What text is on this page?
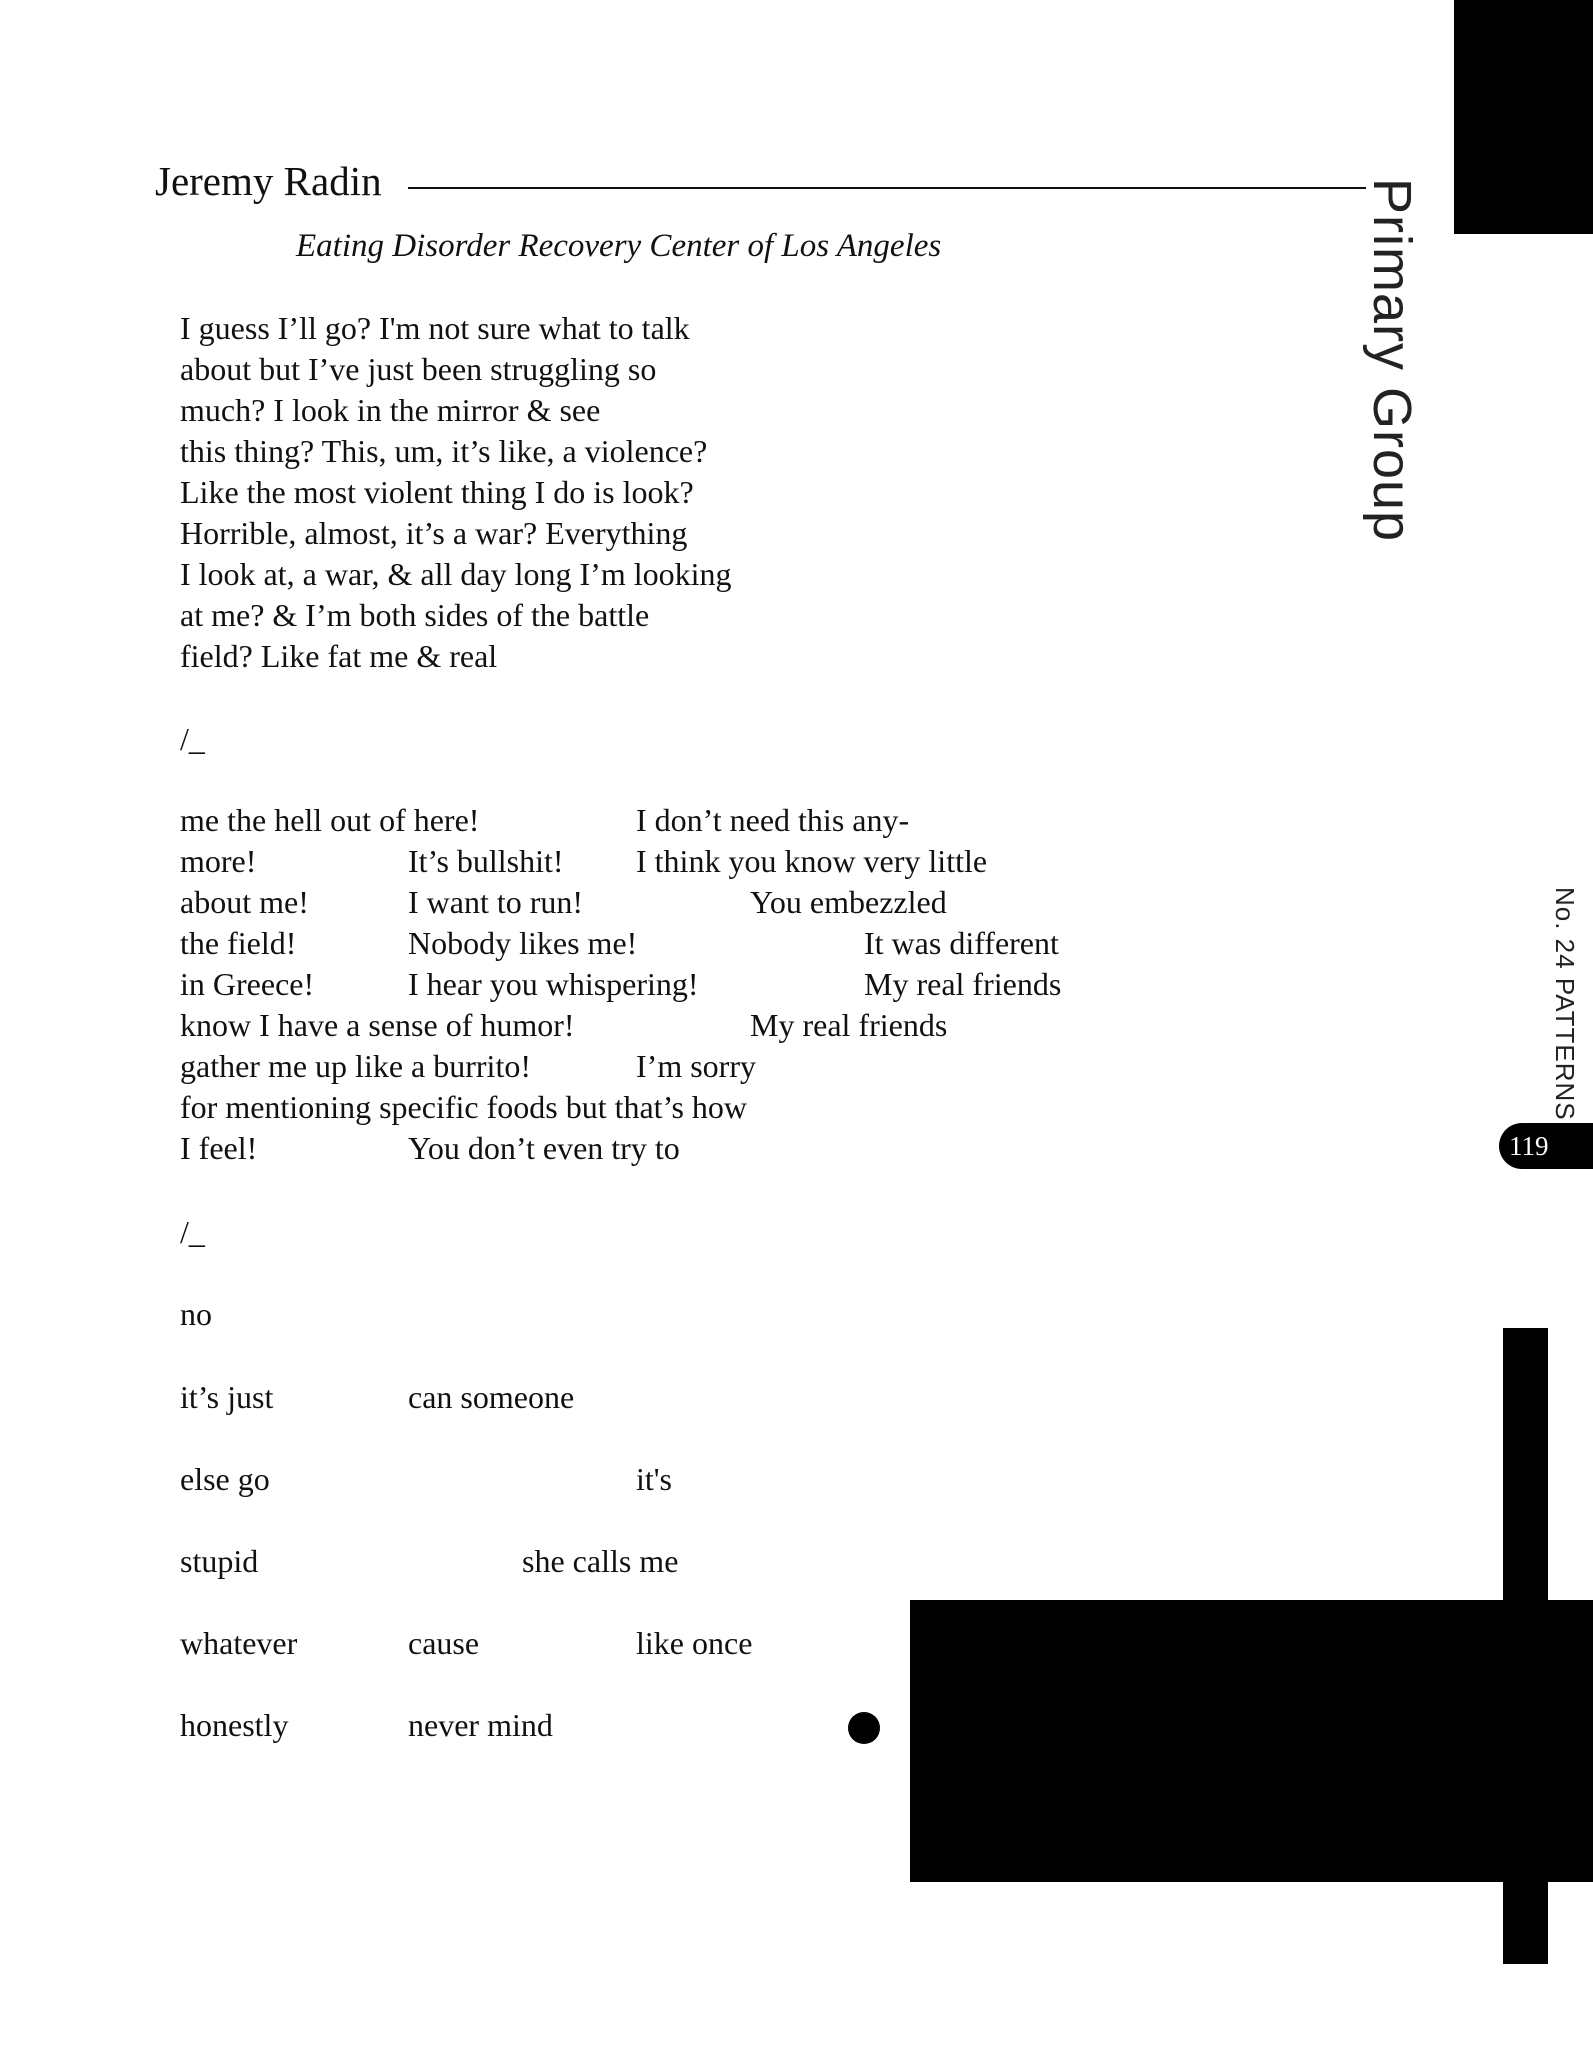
Jeremy Radin
Eating Disorder Recovery Center of Los Angeles
I guess I’ll go? I'm not sure what to talk
about but I’ve just been struggling so
much? I look in the mirror & see
this thing? This, um, it’s like, a violence?
Like the most violent thing I do is look?
Horrible, almost, it’s a war? Everything
I look at, a war, & all day long I’m looking
at me? & I’m both sides of the battle
field? Like fat me & real
/_
me the hell out of here!	I don’t need this any-
more!	It’s bullshit! I think you know very little
about me!	I want to run!	You embezzled
the field!	Nobody likes me!	It was different
in Greece!	I hear you whispering!	My real friends
know I have a sense of humor!	My real friends
gather me up like a burrito!	I’m sorry
for mentioning specific foods but that’s how
I feel!	You don’t even try to
/_
no
it’s just	can someone
else go	it's
stupid	she calls me
whatever	cause	like once
honestly	never mind
Primary Group
No. 24 PATTERNS
119
